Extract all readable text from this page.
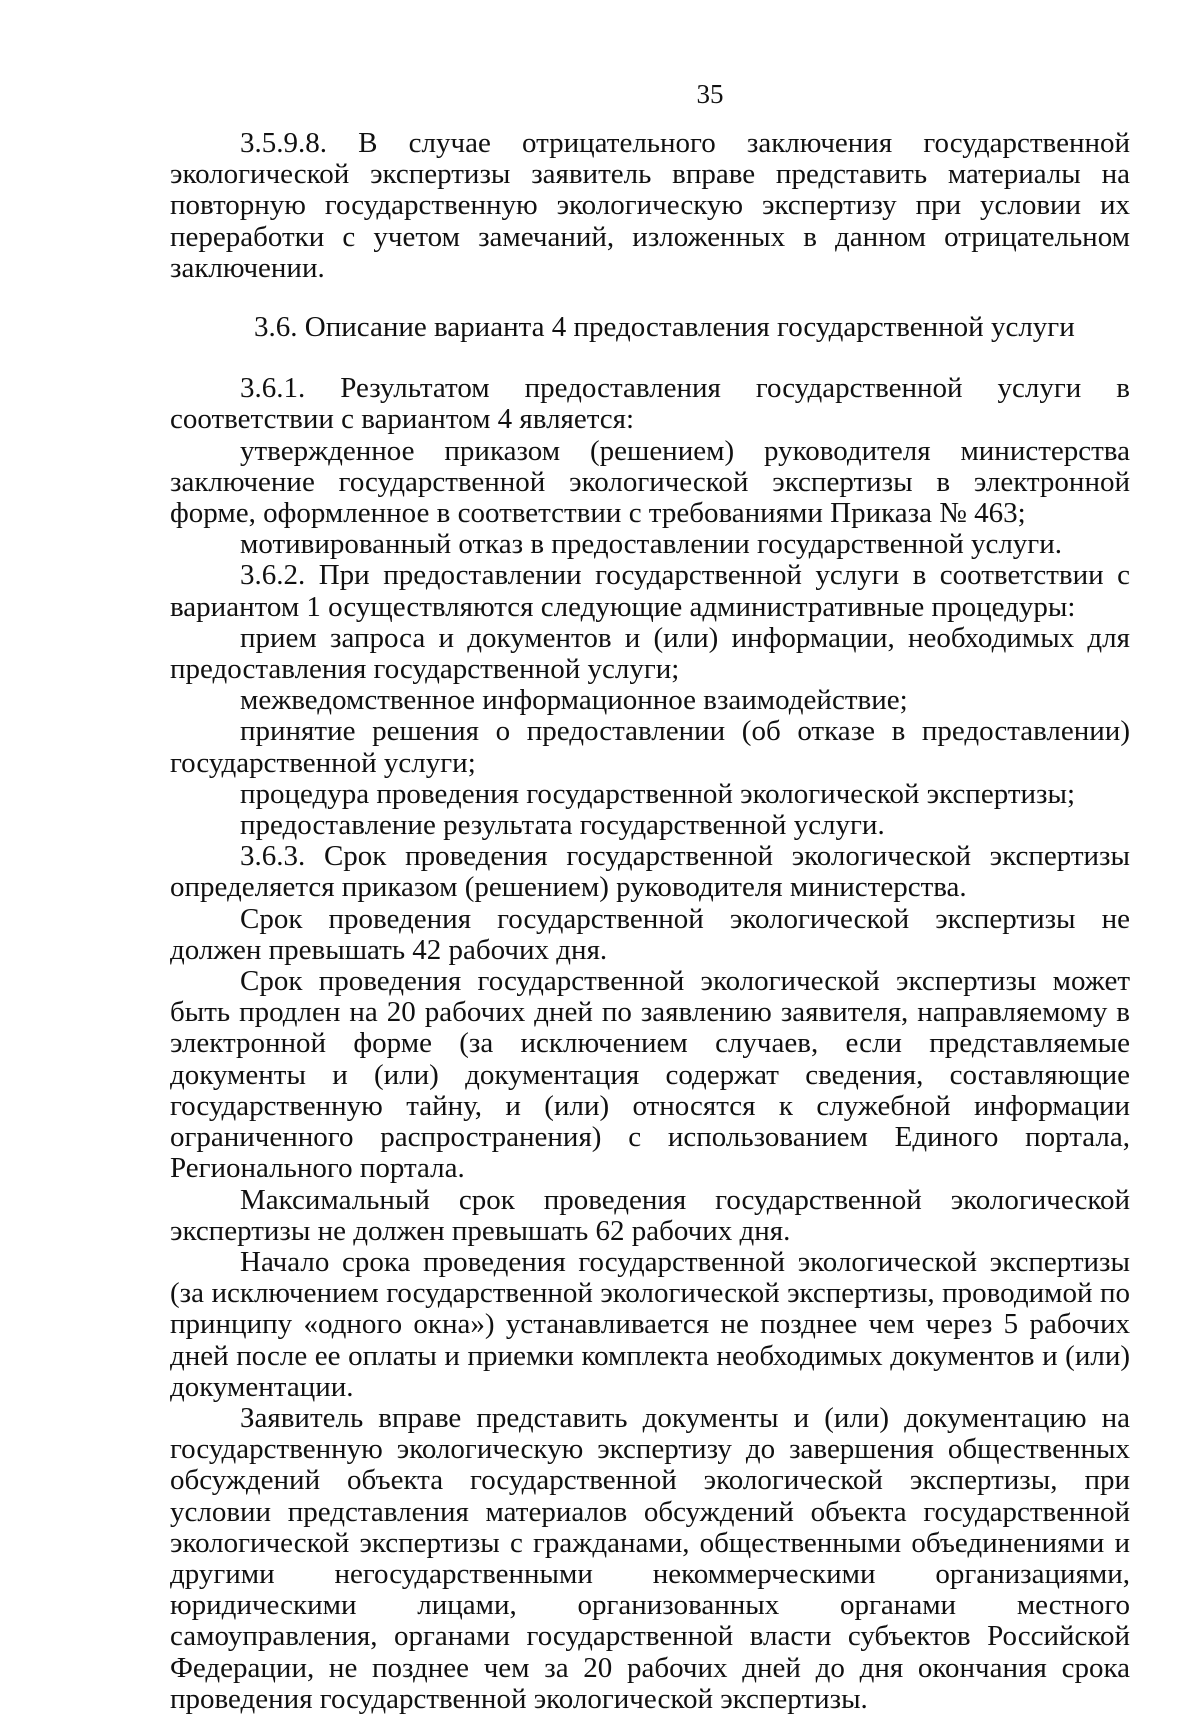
35

3.5.9.8. В случае отрицательного заключения государственной экологической экспертизы заявитель вправе представить материалы на повторную государственную экологическую экспертизу при условии их переработки с учетом замечаний, изложенных в данном отрицательном заключении.

3.6. Описание варианта 4 предоставления государственной услуги

3.6.1. Результатом предоставления государственной услуги в соответствии с вариантом 4 является:

утвержденное приказом (решением) руководителя министерства заключение государственной экологической экспертизы в электронной форме, оформленное в соответствии с требованиями Приказа № 463;

мотивированный отказ в предоставлении государственной услуги.

3.6.2. При предоставлении государственной услуги в соответствии с вариантом 1 осуществляются следующие административные процедуры:

прием запроса и документов и (или) информации, необходимых для предоставления государственной услуги;

межведомственное информационное взаимодействие;

принятие решения о предоставлении (об отказе в предоставлении) государственной услуги;

процедура проведения государственной экологической экспертизы;

предоставление результата государственной услуги.

3.6.3. Срок проведения государственной экологической экспертизы определяется приказом (решением) руководителя министерства.

Срок проведения государственной экологической экспертизы не должен превышать 42 рабочих дня.

Срок проведения государственной экологической экспертизы может быть продлен на 20 рабочих дней по заявлению заявителя, направляемому в электронной форме (за исключением случаев, если представляемые документы и (или) документация содержат сведения, составляющие государственную тайну, и (или) относятся к служебной информации ограниченного распространения) с использованием Единого портала, Регионального портала.

Максимальный срок проведения государственной экологической экспертизы не должен превышать 62 рабочих дня.

Начало срока проведения государственной экологической экспертизы (за исключением государственной экологической экспертизы, проводимой по принципу «одного окна») устанавливается не позднее чем через 5 рабочих дней после ее оплаты и приемки комплекта необходимых документов и (или) документации.

Заявитель вправе представить документы и (или) документацию на государственную экологическую экспертизу до завершения общественных обсуждений объекта государственной экологической экспертизы, при условии представления материалов обсуждений объекта государственной экологической экспертизы с гражданами, общественными объединениями и другими негосударственными некоммерческими организациями, юридическими лицами, организованных органами местного самоуправления, органами государственной власти субъектов Российской Федерации, не позднее чем за 20 рабочих дней до дня окончания срока проведения государственной экологической экспертизы.
